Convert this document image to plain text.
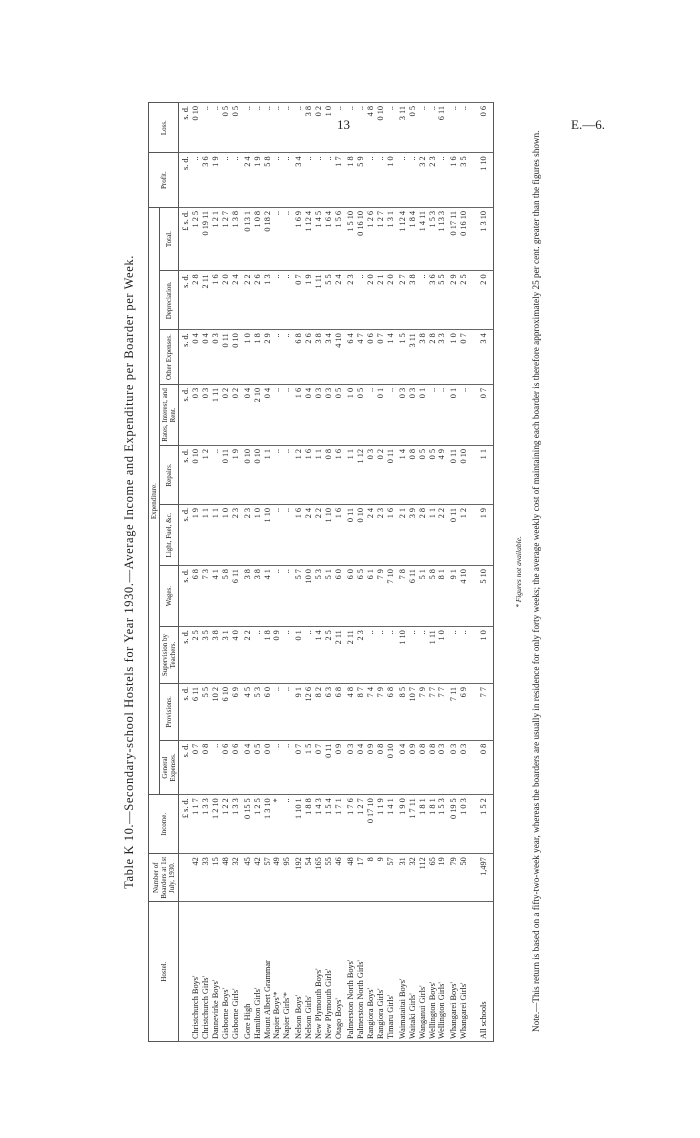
13	E.—6.
Table K 10.—Secondary-school Hostels for Year 1930.—Average Income and Expenditure per Boarder per Week.
Hostel.	Number of Boarders at 1st July, 1930.	Income.	Expenditure.										Profit.	Loss.
			General Expenses.	Provisions.	Supervision by Teachers.	Wages.	Light, Fuel, &c.	Repairs.	Rates, Interest, and Rent.	Other Expenses.	Depreciation.	Total.		
		£ s. d.	s. d.	s. d.	s. d.	s. d.	s. d.	s. d.	s. d.	s. d.	s. d.	£ s. d.	s. d.	s. d.
Christchurch Boys'	42	1 1 7	0 7	6 11	2 5	6 8	1 9	0 10	0 3	0 4	2 8	1 2 5	..	0 10
Christchurch Girls'	33	1 3 3	0 8	5 5	3 5	7 3	1 1	1 2	0 3	0 4	2 11	0 19 11	3 6	..
Dannevirke Boys'	15	1 2 10	..	10 2	3 8	4 1	1 1	..	1 11	0 3	1 6	1 2 1	1 9	..
Gisborne Boys'	48	1 2 2	0 6	6 10	3 1	5 8	1 0	0 11	0 2	0 11	2 0	1 2 7	..	0 5
Gisborne Girls'	32	1 3 3	0 6	6 9	4 0	6 11	2 3	1 9	0 2	0 10	2 4	1 3 8	..	0 5
Gore High	45	0 15 5	0 4	4 5	2 2	3 8	2 3	0 10	0 4	1 0	2 2	0 13 1	2 4	..
Hamilton Girls'	42	1 2 5	0 5	5 3	..	3 8	1 0	0 10	2 10	1 8	2 6	1 0 8	1 9	..
Mount Albert Grammar	57	1 3 10	0 0	6 0	1 8	4 1	1 10	1 1	0 4	2 9	1 3	0 18 2	5 8	..
Napier Boys'*	49	*	..	..	0 9	..	..	..	..	..	..	..	..	..
Napier Girls'*	95	..	..	..	..	..	..	..	..	..	..	..	..	..
Nelson Boys'	192	1 10 1	0 7	9 1	0 1	5 7	1 6	1 2	1 6	6 8	0 7	1 6 9	3 4	..
Nelson Girls'	54	1 8 8	1 5	12 6	..	10 0	2 4	1 6	0 4	2 6	1 9	1 12 4	..	3 8
New Plymouth Boys'	165	1 4 3	0 7	8 2	1 4	5 3	2 2	1 1	0 3	3 8	1 11	1 4 5	..	0 2
New Plymouth Girls'	55	1 5 4	0 11	6 3	2 5	5 1	1 10	0 8	0 3	3 4	5 5	1 6 4	..	1 0
Otago Boys'	46	1 7 1	0 9	6 8	2 11	6 0	1 6	1 6	0 5	4 10	2 4	1 5 6	1 7	..
Palmerston North Boys'	48	1 7 6	0 3	4 8	2 11	6 0	0 11	1 1	1 0	6 4	2 3	1 5 10	1 8	..
Palmerston North Girls'	17	1 2 7	0 4	8 7	2 3	6 5	0 10	1 12	0 5	4 7	..	0 16 10	5 9	..
Rangiora Boys'	8	0 17 10	0 9	7 4	..	6 1	2 4	0 3	..	0 6	2 0	1 2 6	..	4 8
Rangiora Girls'	9	1 1 9	0 8	7 9	..	7 9	2 3	0 2	0 1	0 7	2 1	1 2 7	..	0 10
Timaru Girls'	57	1 4 1	0 10	6 8	..	7 10	1 6	0 11	..	1 4	2 0	1 3 1	1 0	..
Waimataitai Boys'	31	1 9 0	0 4	8 5	1 10	7 8	2 1	1 4	0 3	1 5	2 7	1 12 4	..	3 11
Waitaki Girls'	32	1 7 11	0 9	10 7	..	6 11	3 9	0 8	0 3	3 11	3 8	1 8 4	..	0 5
Wanganui Girls'	112	1 8 1	0 8	7 9	..	5 1	2 8	0 5	0 1	3 8	..	1 4 11	3 2	..
Wellington Boys'	65	1 8 1	0 8	7 7	1 11	5 8	1 1	0 5	..	2 8	3 6	1 5 3	2 3	..
Wellington Girls'	19	1 5 3	0 3	7 7	1 0	8 1	2 2	4 9	..	3 3	5 5	1 13 3	..	6 11
Whangarei Boys'	79	0 19 5	0 3	7 11	..	9 1	0 11	0 11	0 1	1 0	2 9	0 17 11	1 6	..
Whangarei Girls'	50	1 0 3	0 3	6 9	..	4 10	1 2	0 10	..	0 7	2 5	0 16 10	3 5	..
All schools	1,497	1 5 2	0 8	7 7	1 0	5 10	1 9	1 1	0 7	3 4	2 0	1 3 10	1 10	0 6
* Figures not available. Note.—This return is based on a fifty-two-week year, whereas the boarders are usually in residence for only forty weeks; the average weekly cost of maintaining each boarder is therefore approximately 25 per cent. greater than the figures shown.
